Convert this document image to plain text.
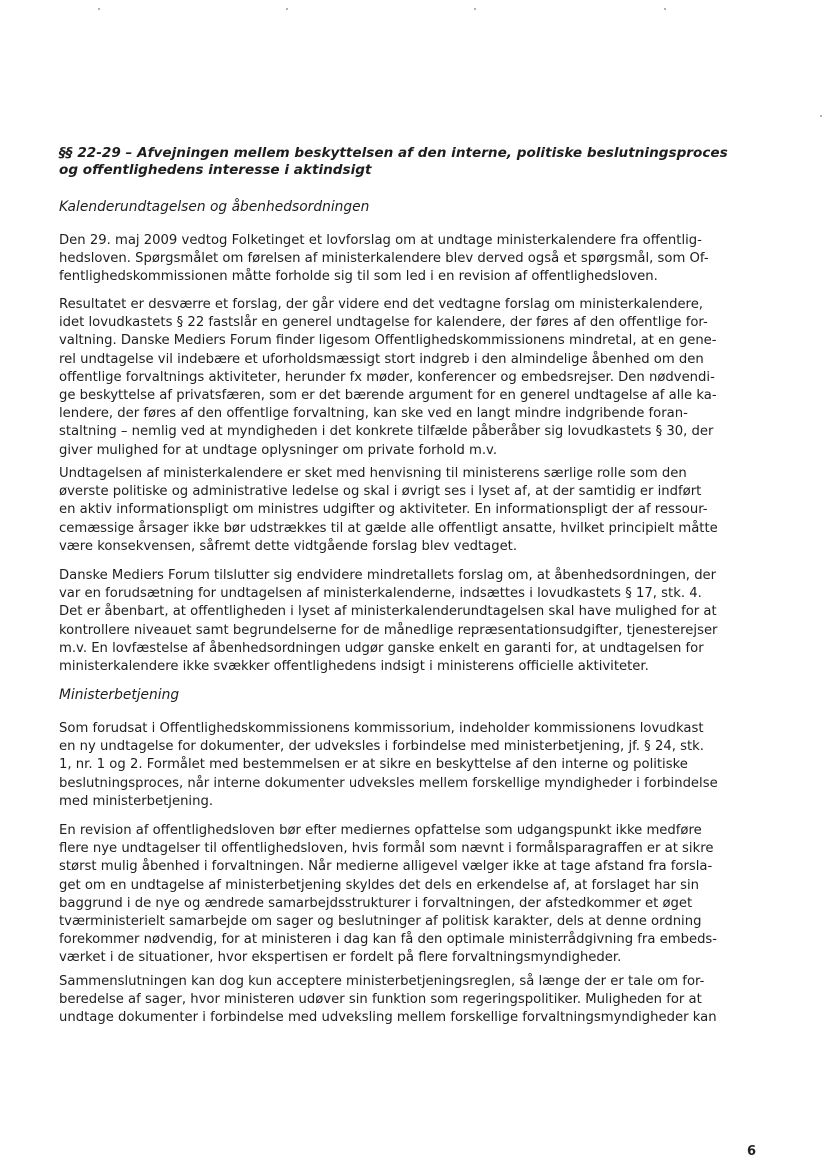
§§ 22-29 – Afvejningen mellem beskyttelsen af den interne, politiske beslutningsproces
og offentlighedens interesse i aktindsigt
Kalenderundtagelsen og åbenhedsordningen

Den 29. maj 2009 vedtog Folketinget et lovforslag om at undtage ministerkalendere fra offentlig-
hedsloven. Spørgsmålet om førelsen af ministerkalendere blev derved også et spørgsmål, som Of-
fentlighedskommissionen måtte forholde sig til som led i en revision af offentlighedsloven.

Resultatet er desværre et forslag, der går videre end det vedtagne forslag om ministerkalendere,
idet lovudkastets § 22 fastslår en generel undtagelse for kalendere, der føres af den offentlige for-
valtning. Danske Mediers Forum finder ligesom Offentlighedskommissionens mindretal, at en gene-
rel undtagelse vil indebære et uforholdsmæssigt stort indgreb i den almindelige åbenhed om den
offentlige forvaltnings aktiviteter, herunder fx møder, konferencer og embedsrejser. Den nødvendi-
ge beskyttelse af privatsfæren, som er det bærende argument for en generel undtagelse af alle ka-
lendere, der føres af den offentlige forvaltning, kan ske ved en langt mindre indgribende foran-
staltning – nemlig ved at myndigheden i det konkrete tilfælde påberåber sig lovudkastets § 30, der
giver mulighed for at undtage oplysninger om private forhold m.v.

Undtagelsen af ministerkalendere er sket med henvisning til ministerens særlige rolle som den
øverste politiske og administrative ledelse og skal i øvrigt ses i lyset af, at der samtidig er indført
en aktiv informationspligt om ministres udgifter og aktiviteter. En informationspligt der af ressour-
cemæssige årsager ikke bør udstrækkes til at gælde alle offentligt ansatte, hvilket principielt måtte
være konsekvensen, såfremt dette vidtgående forslag blev vedtaget.

Danske Mediers Forum tilslutter sig endvidere mindretallets forslag om, at åbenhedsordningen, der
var en forudsætning for undtagelsen af ministerkalenderne, indsættes i lovudkastets § 17, stk. 4.
Det er åbenbart, at offentligheden i lyset af ministerkalenderundtagelsen skal have mulighed for at
kontrollere niveauet samt begrundelserne for de månedlige repræsentationsudgifter, tjenesterejser
m.v. En lovfæstelse af åbenhedsordningen udgør ganske enkelt en garanti for, at undtagelsen for
ministerkalendere ikke svækker offentlighedens indsigt i ministerens officielle aktiviteter.

Ministerbetjening

Som forudsat i Offentlighedskommissionens kommissorium, indeholder kommissionens lovudkast
en ny undtagelse for dokumenter, der udveksles i forbindelse med ministerbetjening, jf. § 24, stk.
1, nr. 1 og 2. Formålet med bestemmelsen er at sikre en beskyttelse af den interne og politiske
beslutningsproces, når interne dokumenter udveksles mellem forskellige myndigheder i forbindelse
med ministerbetjening.

En revision af offentlighedsloven bør efter mediernes opfattelse som udgangspunkt ikke medføre
flere nye undtagelser til offentlighedsloven, hvis formål som nævnt i formålsparagraffen er at sikre
størst mulig åbenhed i forvaltningen. Når medierne alligevel vælger ikke at tage afstand fra forsla-
get om en undtagelse af ministerbetjening skyldes det dels en erkendelse af, at forslaget har sin
baggrund i de nye og ændrede samarbejdsstrukturer i forvaltningen, der afstedkommer et øget
tværministerielt samarbejde om sager og beslutninger af politisk karakter, dels at denne ordning
forekommer nødvendig, for at ministeren i dag kan få den optimale ministerrådgivning fra embeds-
værket i de situationer, hvor ekspertisen er fordelt på flere forvaltningsmyndigheder.

Sammenslutningen kan dog kun acceptere ministerbetjeningsreglen, så længe der er tale om for-
beredelse af sager, hvor ministeren udøver sin funktion som regeringspolitiker. Muligheden for at
undtage dokumenter i forbindelse med udveksling mellem forskellige forvaltningsmyndigheder kan

6
